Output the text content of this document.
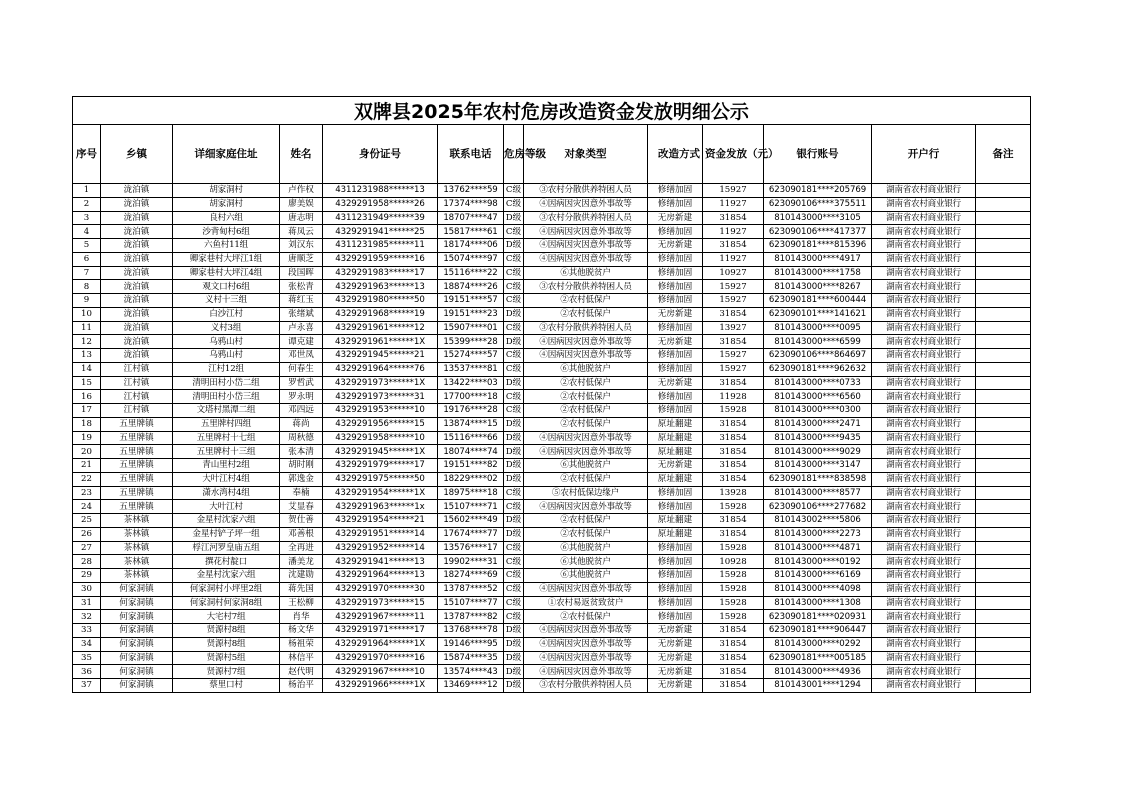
双牌县2025年农村危房改造资金发放明细公示												
序号	乡镇	详细家庭住址	姓名	身份证号	联系电话	危房等级	对象类型	改造方式	资金发放（元）	银行账号	开户行	备注
1	泷泊镇	胡家洞村	卢作权	4311231988******13	13762****59	C级	③农村分散供养特困人员	修缮加固	15927	623090181****205769	湖南省农村商业银行	
2	泷泊镇	胡家洞村	廖美娱	4329291958******26	17374****98	C级	④因病因灾因意外事故等	修缮加固	11927	623090106****375511	湖南省农村商业银行	
3	泷泊镇	良村六组	唐志明	4311231949******39	18707****47	D级	③农村分散供养特困人员	无房新建	31854	810143000****3105	湖南省农村商业银行	
4	泷泊镇	沙背甸村6组	蒋凤云	4329291941******25	15817****61	C级	④因病因灾因意外事故等	修缮加固	11927	623090106****417377	湖南省农村商业银行	
5	泷泊镇	六鱼村11组	刘汉东	4311231985******11	18174****06	D级	④因病因灾因意外事故等	无房新建	31854	623090181****815396	湖南省农村商业银行	
6	泷泊镇	卿家巷村大坪江1组	唐顺芝	4329291959******16	15074****97	C级	④因病因灾因意外事故等	修缮加固	11927	810143000****4917	湖南省农村商业银行	
7	泷泊镇	卿家巷村大坪江4组	段国晖	4329291983******17	15116****22	C级	⑥其他脱贫户	修缮加固	10927	810143000****1758	湖南省农村商业银行	
8	泷泊镇	观文口村6组	张松青	4329291963******13	18874****26	C级	③农村分散供养特困人员	修缮加固	15927	810143000****8267	湖南省农村商业银行	
9	泷泊镇	义村十三组	蒋红玉	4329291980******50	19151****57	C级	②农村低保户	修缮加固	15927	623090181****600444	湖南省农村商业银行	
10	泷泊镇	白沙江村	张绪斌	4329291968******19	19151****23	D级	②农村低保户	无房新建	31854	623090101****141621	湖南省农村商业银行	
11	泷泊镇	义村3组	卢永喜	4329291961******12	15907****01	C级	③农村分散供养特困人员	修缮加固	13927	810143000****0095	湖南省农村商业银行	
12	泷泊镇	乌鸦山村	谭克建	4329291961******1X	15399****28	D级	④因病因灾因意外事故等	无房新建	31854	810143000****6599	湖南省农村商业银行	
13	泷泊镇	乌鸦山村	邓世凤	4329291945******21	15274****57	C级	④因病因灾因意外事故等	修缮加固	15927	623090106****864697	湖南省农村商业银行	
14	江村镇	江村12组	何春生	4329291964******76	13537****81	C级	⑥其他脱贫户	修缮加固	15927	623090181****962632	湖南省农村商业银行	
15	江村镇	清明田村小岱二组	罗哲武	4329291973******1X	13422****03	D级	②农村低保户	无房新建	31854	810143000****0733	湖南省农村商业银行	
16	江村镇	清明田村小岱三组	罗永明	4329291973******31	17700****18	C级	②农村低保户	修缮加固	11928	810143000****6560	湖南省农村商业银行	
17	江村镇	文塔村黑潭二组	邓四远	4329291953******10	19176****28	C级	②农村低保户	修缮加固	15928	810143000****0300	湖南省农村商业银行	
18	五里牌镇	五里牌村四组	蒋尚	4329291956******15	13874****15	D级	②农村低保户	原址翻建	31854	810143000****2471	湖南省农村商业银行	
19	五里牌镇	五里牌村十七组	周秋德	4329291958******10	15116****66	D级	④因病因灾因意外事故等	原址翻建	31854	810143000****9435	湖南省农村商业银行	
20	五里牌镇	五里牌村十三组	张本清	4329291945******1X	18074****74	D级	④因病因灾因意外事故等	原址翻建	31854	810143000****9029	湖南省农村商业银行	
21	五里牌镇	青山里村2组	胡时刚	4329291979******17	19151****82	D级	⑥其他脱贫户	无房新建	31854	810143000****3147	湖南省农村商业银行	
22	五里牌镇	大叶江村4组	郭逸金	4329291975******50	18229****02	D级	②农村低保户	原址翻建	31854	623090181****838598	湖南省农村商业银行	
23	五里牌镇	潇水湾村4组	奉楠	4329291954******1X	18975****18	C级	⑤农村低保边缘户	修缮加固	13928	810143000****8577	湖南省农村商业银行	
24	五里牌镇	大叶江村	艾显春	4329291963******1x	15107****71	C级	④因病因灾因意外事故等	修缮加固	15928	623090106****277682	湖南省农村商业银行	
25	茶林镇	金星村沈家六组	贺仕善	4329291954******21	15602****49	D级	②农村低保户	原址翻建	31854	810143002****5806	湖南省农村商业银行	
26	茶林镇	金星村铲子坪一组	邓善根	4329291951******14	17674****77	D级	②农村低保户	原址翻建	31854	810143000****2273	湖南省农村商业银行	
27	茶林镇	桴江河罗皇庙五组	全再进	4329291952******14	13576****17	C级	⑥其他脱贫户	修缮加固	15928	810143000****4871	湖南省农村商业银行	
28	茶林镇	撰花村靛口	潘美龙	4329291941******13	19902****31	C级	⑥其他脱贫户	修缮加固	10928	810143000****0192	湖南省农村商业银行	
29	茶林镇	金星村沈家六组	沈建勋	4329291964******13	18274****69	C级	⑥其他脱贫户	修缮加固	15928	810143000****6169	湖南省农村商业银行	
30	何家洞镇	何家洞村小坪里2组	蒋先国	4329291970******30	13787****52	C级	④因病因灾因意外事故等	修缮加固	15928	810143000****4098	湖南省农村商业银行	
31	何家洞镇	何家洞村何家洞8组	王松柳	4329291973******15	15107****77	C级	①农村易返贫致贫户	修缮加固	15928	810143000****1308	湖南省农村商业银行	
32	何家洞镇	大宅村7组	肖华	4329291967******11	13787****82	C级	②农村低保户	修缮加固	15928	623090181****020931	湖南省农村商业银行	
33	何家洞镇	贤源村8组	杨文华	4329291971******17	13768****78	D级	④因病因灾因意外事故等	无房新建	31854	623090181****906447	湖南省农村商业银行	
34	何家洞镇	贤源村8组	杨祖荣	4329291964******1X	19146****95	D级	④因病因灾因意外事故等	无房新建	31854	810143000****0292	湖南省农村商业银行	
35	何家洞镇	贤源村5组	林信平	4329291970******16	15874****35	D级	④因病因灾因意外事故等	无房新建	31854	623090181****005185	湖南省农村商业银行	
36	何家洞镇	贤源村7组	赵代明	4329291967******10	13574****43	D级	④因病因灾因意外事故等	无房新建	31854	810143000****4936	湖南省农村商业银行	
37	何家洞镇	蔡里口村	杨治平	4329291966******1X	13469****12	D级	③农村分散供养特困人员	无房新建	31854	810143001****1294	湖南省农村商业银行	
